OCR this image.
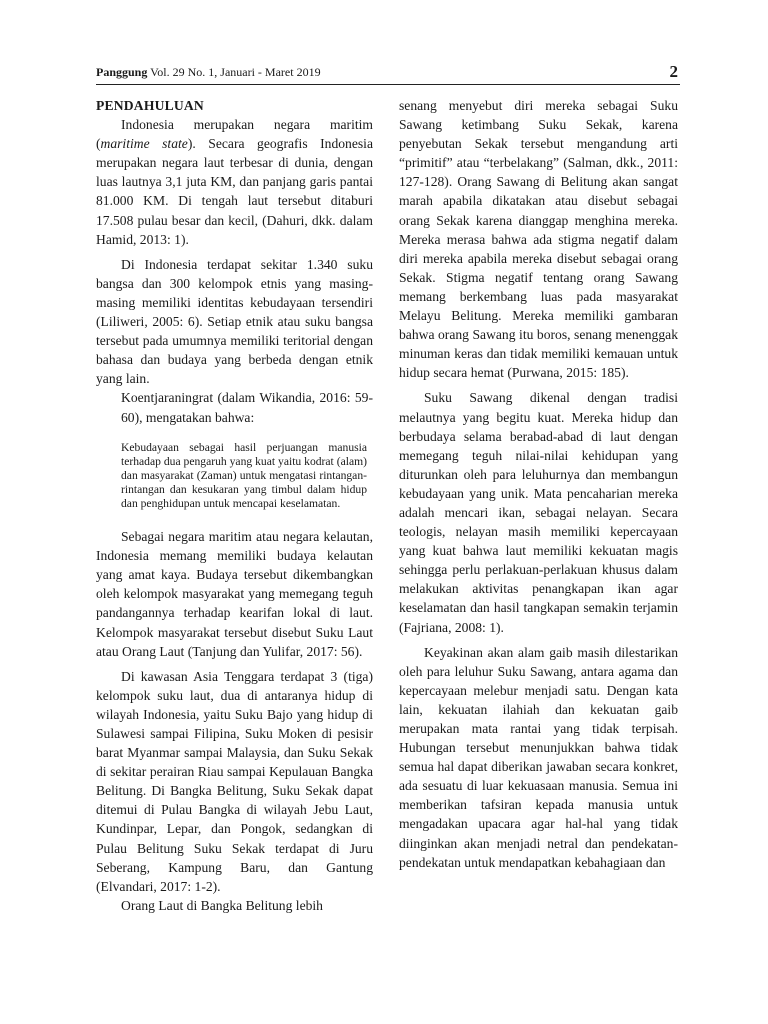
Panggung Vol. 29 No. 1, Januari - Maret 2019	2
PENDAHULUAN

Indonesia merupakan negara maritim (maritime state). Secara geografis Indonesia merupakan negara laut terbesar di dunia, dengan luas lautnya 3,1 juta KM, dan panjang garis pantai 81.000 KM. Di tengah laut tersebut ditaburi 17.508 pulau besar dan kecil, (Dahuri, dkk. dalam Hamid, 2013: 1).

Di Indonesia terdapat sekitar 1.340 suku bangsa dan 300 kelompok etnis yang masing-masing memiliki identitas kebudayaan tersendiri (Liliweri, 2005: 6). Setiap etnik atau suku bangsa tersebut pada umumnya memiliki teritorial dengan bahasa dan budaya yang berbeda dengan etnik yang lain.

Koentjaraningrat (dalam Wikandia, 2016: 59-60), mengatakan bahwa:

Kebudayaan sebagai hasil perjuangan manusia terhadap dua pengaruh yang kuat yaitu kodrat (alam) dan masyarakat (Zaman) untuk mengatasi rintangan-rintangan dan kesukaran yang timbul dalam hidup dan penghidupan untuk mencapai keselamatan.

Sebagai negara maritim atau negara kelautan, Indonesia memang memiliki budaya kelautan yang amat kaya. Budaya tersebut dikembangkan oleh kelompok masyarakat yang memegang teguh pandangannya terhadap kearifan lokal di laut. Kelompok masyarakat tersebut disebut Suku Laut atau Orang Laut (Tanjung dan Yulifar, 2017: 56).

Di kawasan Asia Tenggara terdapat 3 (tiga) kelompok suku laut, dua di antaranya hidup di wilayah Indonesia, yaitu Suku Bajo yang hidup di Sulawesi sampai Filipina, Suku Moken di pesisir barat Myanmar sampai Malaysia, dan Suku Sekak di sekitar perairan Riau sampai Kepulauan Bangka Belitung. Di Bangka Belitung, Suku Sekak dapat ditemui di Pulau Bangka di wilayah Jebu Laut, Kundinpar, Lepar, dan Pongok, sedangkan di Pulau Belitung Suku Sekak terdapat di Juru Seberang, Kampung Baru, dan Gantung (Elvandari, 2017: 1-2).

Orang Laut di Bangka Belitung lebih

senang menyebut diri mereka sebagai Suku Sawang ketimbang Suku Sekak, karena penyebutan Sekak tersebut mengandung arti “primitif” atau “terbelakang” (Salman, dkk., 2011: 127-128). Orang Sawang di Belitung akan sangat marah apabila dikatakan atau disebut sebagai orang Sekak karena dianggap menghina mereka. Mereka merasa bahwa ada stigma negatif dalam diri mereka apabila mereka disebut sebagai orang Sekak. Stigma negatif tentang orang Sawang memang berkembang luas pada masyarakat Melayu Belitung. Mereka memiliki gambaran bahwa orang Sawang itu boros, senang menenggak minuman keras dan tidak memiliki kemauan untuk hidup secara hemat (Purwana, 2015: 185).

Suku Sawang dikenal dengan tradisi melautnya yang begitu kuat. Mereka hidup dan berbudaya selama berabad-abad di laut dengan memegang teguh nilai-nilai kehidupan yang diturunkan oleh para leluhurnya dan membangun kebudayaan yang unik. Mata pencaharian mereka adalah mencari ikan, sebagai nelayan. Secara teologis, nelayan masih memiliki kepercayaan yang kuat bahwa laut memiliki kekuatan magis sehingga perlu perlakuan-perlakuan khusus dalam melakukan aktivitas penangkapan ikan agar keselamatan dan hasil tangkapan semakin terjamin (Fajriana, 2008: 1).

Keyakinan akan alam gaib masih dilestarikan oleh para leluhur Suku Sawang, antara agama dan kepercayaan melebur menjadi satu. Dengan kata lain, kekuatan ilahiah dan kekuatan gaib merupakan mata rantai yang tidak terpisah. Hubungan tersebut menunjukkan bahwa tidak semua hal dapat diberikan jawaban secara konkret, ada sesuatu di luar kekuasaan manusia. Semua ini memberikan tafsiran kepada manusia untuk mengadakan upacara agar hal-hal yang tidak diinginkan akan menjadi netral dan pendekatan-pendekatan untuk mendapatkan kebahagiaan dan
